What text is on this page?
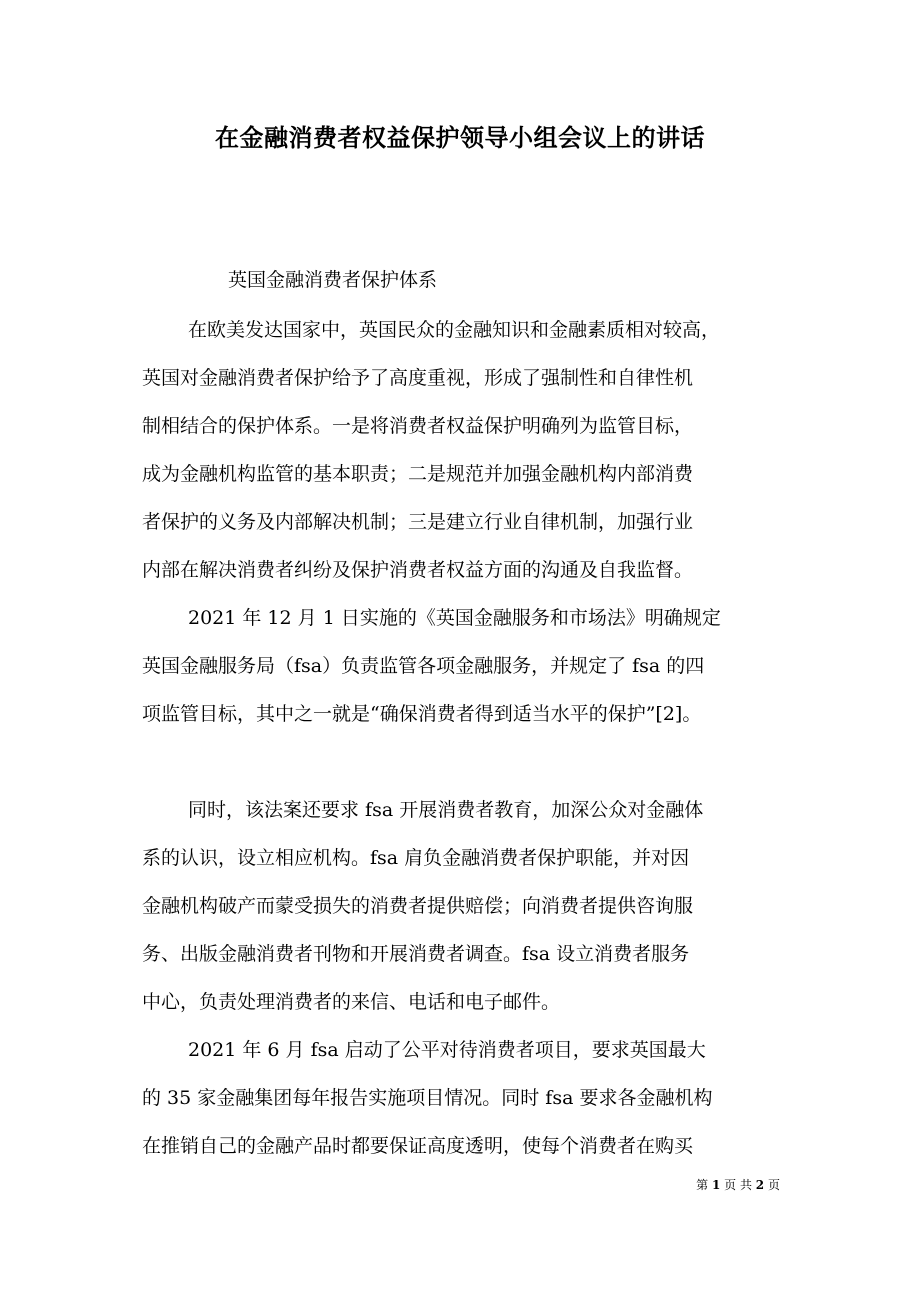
在金融消费者权益保护领导小组会议上的讲话
英国金融消费者保护体系
在欧美发达国家中，英国民众的金融知识和金融素质相对较高，
英国对金融消费者保护给予了高度重视，形成了强制性和自律性机
制相结合的保护体系。一是将消费者权益保护明确列为监管目标，
成为金融机构监管的基本职责；二是规范并加强金融机构内部消费
者保护的义务及内部解决机制；三是建立行业自律机制，加强行业
内部在解决消费者纠纷及保护消费者权益方面的沟通及自我监督。
2021 年 12 月 1 日实施的《英国金融服务和市场法》明确规定
英国金融服务局（fsa）负责监管各项金融服务，并规定了 fsa 的四
项监管目标，其中之一就是“确保消费者得到适当水平的保护”[2]。
同时，该法案还要求 fsa 开展消费者教育，加深公众对金融体
系的认识，设立相应机构。fsa 肩负金融消费者保护职能，并对因
金融机构破产而蒙受损失的消费者提供赔偿；向消费者提供咨询服
务、出版金融消费者刊物和开展消费者调查。fsa 设立消费者服务
中心，负责处理消费者的来信、电话和电子邮件。
2021 年 6 月 fsa 启动了公平对待消费者项目，要求英国最大
的 35 家金融集团每年报告实施项目情况。同时 fsa 要求各金融机构
在推销自己的金融产品时都要保证高度透明，使每个消费者在购买
第 1 页 共 2 页
